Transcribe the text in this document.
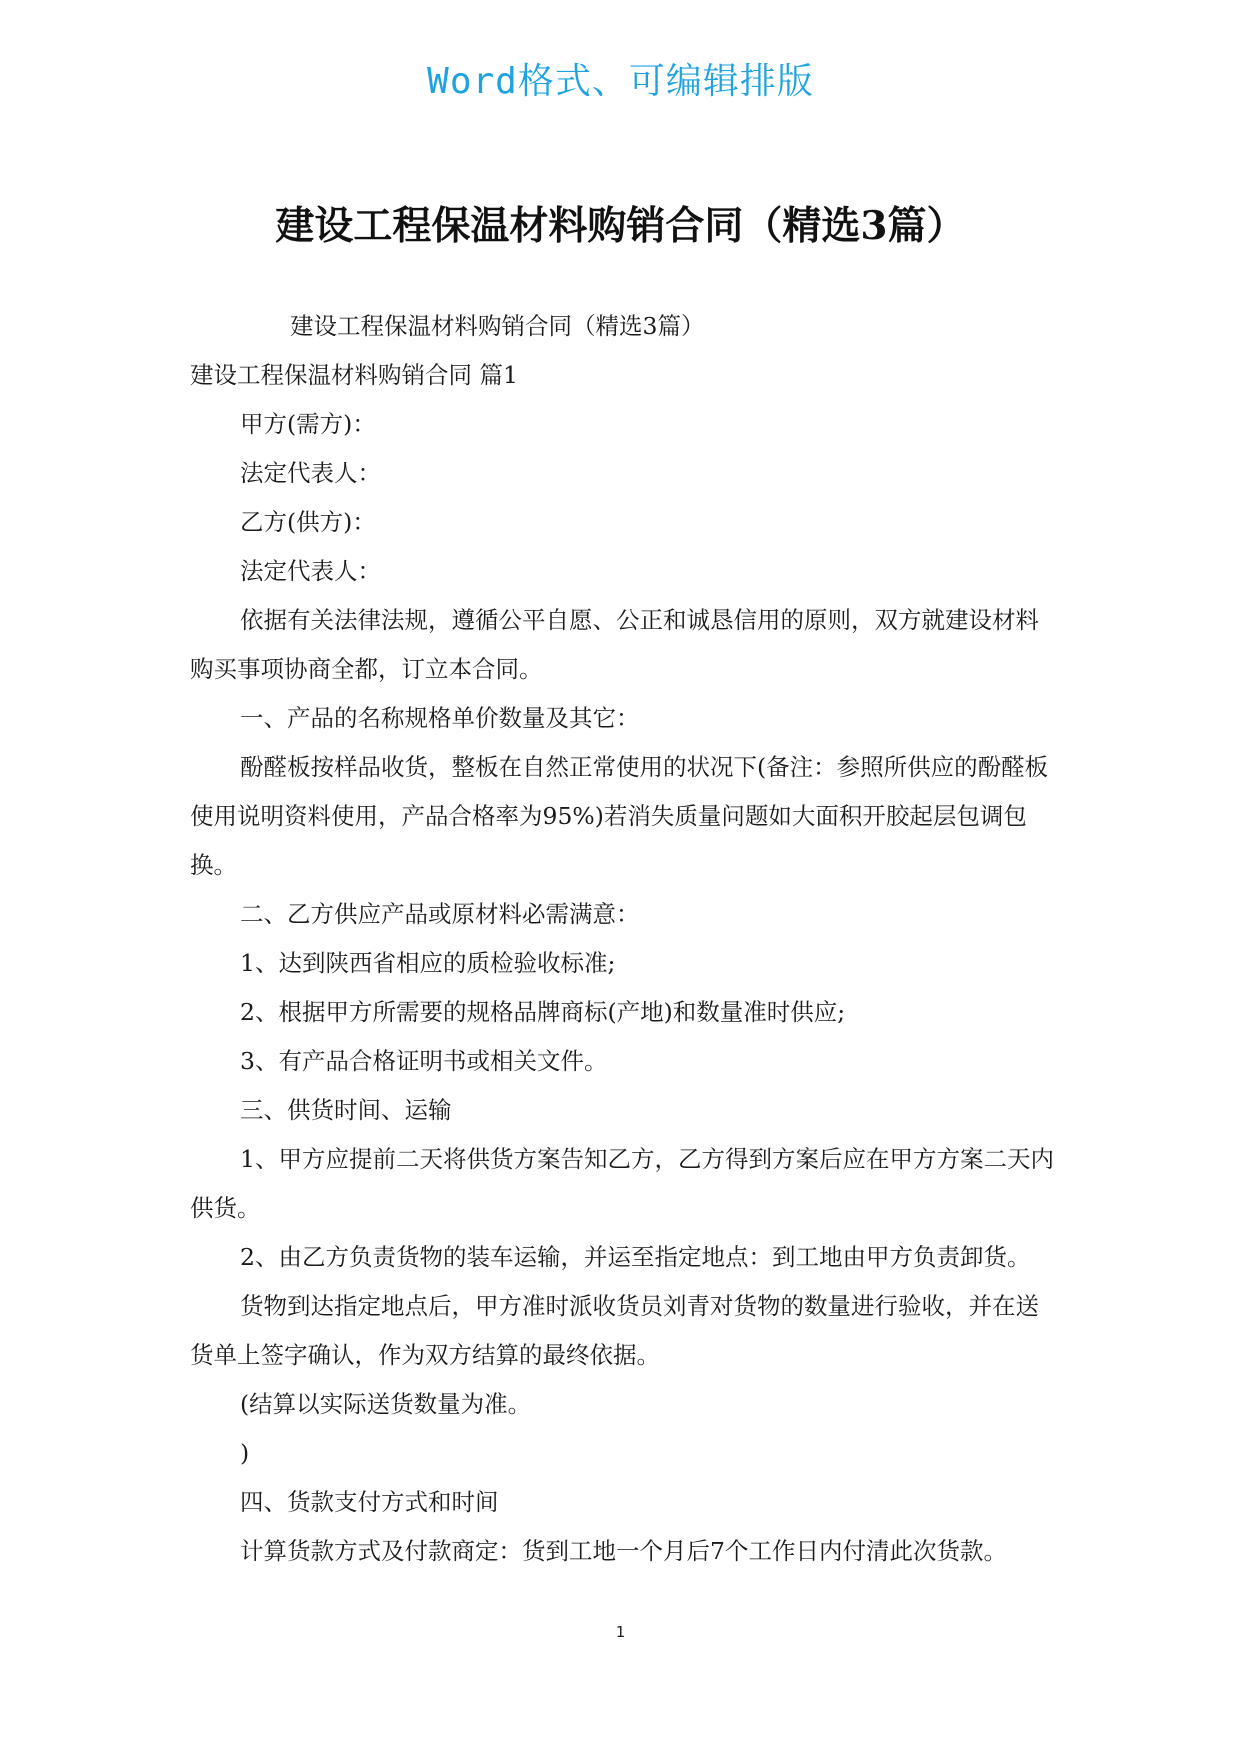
Word格式、可编辑排版
建设工程保温材料购销合同（精选3篇）

建设工程保温材料购销合同（精选3篇）

建设工程保温材料购销合同 篇1

甲方(需方)：

法定代表人：

乙方(供方)：

法定代表人：

依据有关法律法规，遵循公平自愿、公正和诚恳信用的原则，双方就建设材料购买事项协商全都，订立本合同。

一、产品的名称规格单价数量及其它：

酚醛板按样品收货，整板在自然正常使用的状况下(备注：参照所供应的酚醛板使用说明资料使用，产品合格率为95%)若消失质量问题如大面积开胶起层包调包换。

二、乙方供应产品或原材料必需满意：

1、达到陕西省相应的质检验收标准;

2、根据甲方所需要的规格品牌商标(产地)和数量准时供应;

3、有产品合格证明书或相关文件。

三、供货时间、运输

1、甲方应提前二天将供货方案告知乙方，乙方得到方案后应在甲方方案二天内供货。

2、由乙方负责货物的装车运输，并运至指定地点：到工地由甲方负责卸货。

货物到达指定地点后，甲方准时派收货员刘青对货物的数量进行验收，并在送货单上签字确认，作为双方结算的最终依据。

(结算以实际送货数量为准。

)

四、货款支付方式和时间

计算货款方式及付款商定：货到工地一个月后7个工作日内付清此次货款。

1
